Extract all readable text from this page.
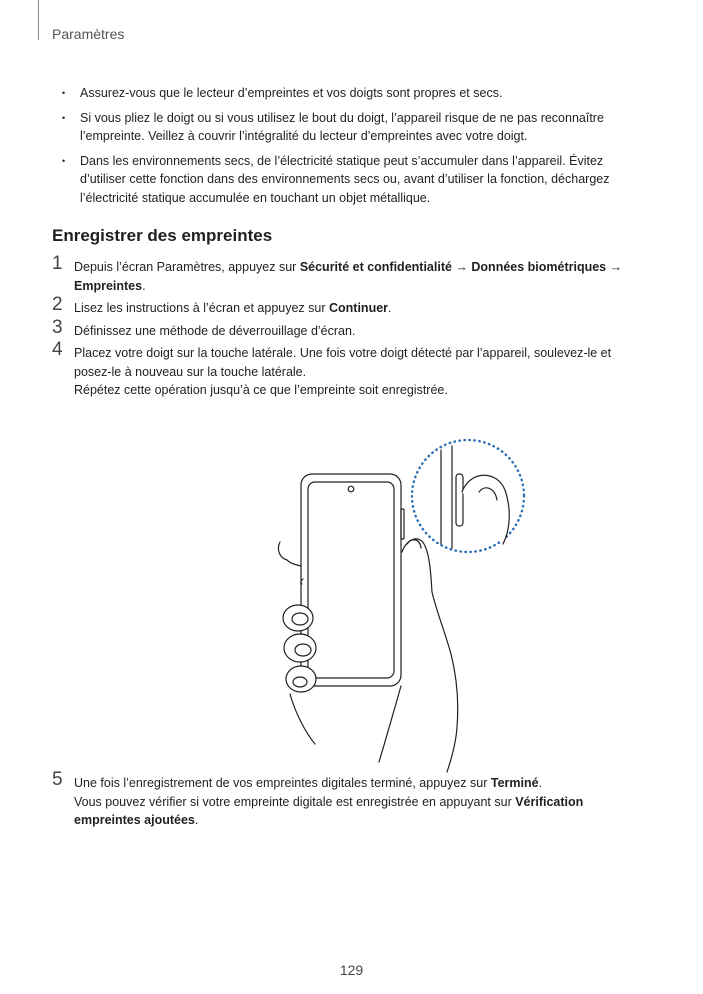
Paramètres
• Assurez-vous que le lecteur d’empreintes et vos doigts sont propres et secs.
• Si vous pliez le doigt ou si vous utilisez le bout du doigt, l’appareil risque de ne pas reconnaître l’empreinte. Veillez à couvrir l’intégralité du lecteur d’empreintes avec votre doigt.
• Dans les environnements secs, de l’électricité statique peut s’accumuler dans l’appareil. Évitez d’utiliser cette fonction dans des environnements secs ou, avant d’utiliser la fonction, déchargez l’électricité statique accumulée en touchant un objet métallique.
Enregistrer des empreintes
1 Depuis l’écran Paramètres, appuyez sur Sécurité et confidentialité → Données biométriques → Empreintes.
2 Lisez les instructions à l’écran et appuyez sur Continuer.
3 Définissez une méthode de déverrouillage d’écran.
4 Placez votre doigt sur la touche latérale. Une fois votre doigt détecté par l’appareil, soulevez-le et posez-le à nouveau sur la touche latérale.
Répétez cette opération jusqu’à ce que l’empreinte soit enregistrée.
5 Une fois l’enregistrement de vos empreintes digitales terminé, appuyez sur Terminé.
Vous pouvez vérifier si votre empreinte digitale est enregistrée en appuyant sur Vérification empreintes ajoutées.
129
